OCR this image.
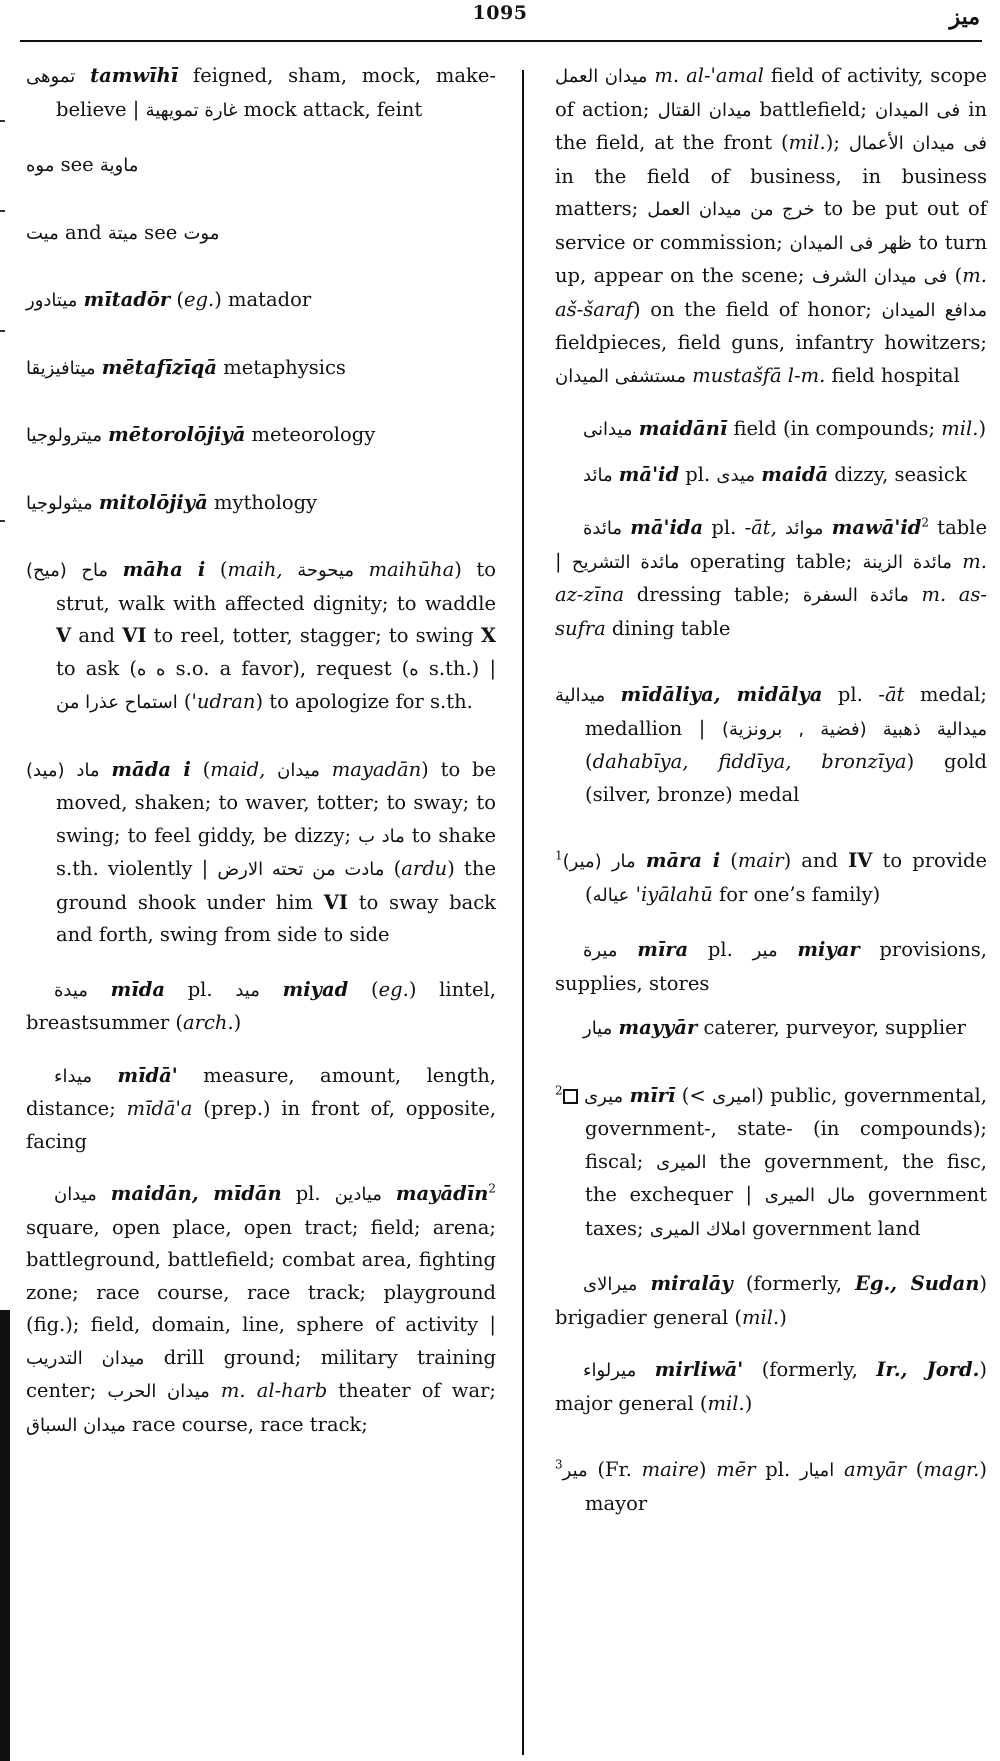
1095	ميز

تموهى tamwīhī feigned, sham, mock, make-believe | غارة تمويهية mock attack, feint

موه see ماوية

ميت and ميتة see موت

ميتادور mītadōr (eg.) matador

ميتافيزيقا mētafīzīqā metaphysics

ميترولوجيا mētorolōjiyā meteorology

ميثولوجيا mitolōjiyā mythology

(ميح) ماح māha i (maih, ميحوحة maihūha) to strut, walk with affected dignity; to waddle V and VI to reel, totter, stagger; to swing X to ask (ه ه s.o. a favor), request (ه s.th.) | استماح عذرا من ('udran) to apologize for s.th.

(ميد) ماد māda i (maid, ميدان mayadān) to be moved, shaken; to waver, totter; to sway; to swing; to feel giddy, be dizzy; ماد ب to shake s.th. violently | مادت من تحته الارض (ardu) the ground shook under him VI to sway back and forth, swing from side to side

ميدة mīda pl. ميد miyad (eg.) lintel, breastsummer (arch.)

ميداء mīdā' measure, amount, length, distance; mīdā'a (prep.) in front of, opposite, facing

ميدان maidān, mīdān pl. ميادين mayādīn$^2$ square, open place, open tract; field; arena; battleground, battlefield; combat area, fighting zone; race course, race track; playground (fig.); field, domain, line, sphere of activity | ميدان التدريب drill ground; military training center; ميدان الحرب m. al-harb theater of war; ميدان السباق race course, race track;

ميدان العمل m. al-'amal field of activity, scope of action; ميدان القتال battlefield; فى الميدان in the field, at the front (mil.); فى ميدان الأعمال in the field of business, in business matters; خرج من ميدان العمل to be put out of service or commission; ظهر فى الميدان to turn up, appear on the scene; فى ميدان الشرف (m. aš-šaraf) on the field of honor; مدافع الميدان fieldpieces, field guns, infantry howitzers; مستشفى الميدان mustašfā l-m. field hospital

ميدانى maidānī field (in compounds; mil.)

مائد mā'id pl. ميدى maidā dizzy, seasick

مائدة mā'ida pl. -āt, موائد $mawā'id^2$ table | مائدة التشريح operating table; مائدة الزينة m. az-zīna dressing table; مائدة السفرة m. as-sufra dining table

ميدالية mīdāliya, midālya pl. -āt medal; medallion | ميدالية ذهبية (فضية , برونزية) (dahabīya, fiddīya, bronzīya) gold (silver, bronze) medal

$^1$(مير) مار māra i (mair) and IV to provide (عياله 'iyālahū for one’s family)

ميرة mīra pl. مير miyar provisions, supplies, stores

ميار mayyār caterer, purveyor, supplier

$^2$ ميرى mīrī (< اميرى) public, governmental, government-, state- (in compounds); fiscal; الميرى the government, the fisc, the exchequer | مال الميرى government taxes; املاك الميرى government land

ميرالاى miralāy (formerly, Eg., Sudan) brigadier general (mil.)

ميرلواء mirliwā' (formerly, Ir., Jord.) major general (mil.)

$^3$مير (Fr. maire) mēr pl. اميار amyār (magr.) mayor
